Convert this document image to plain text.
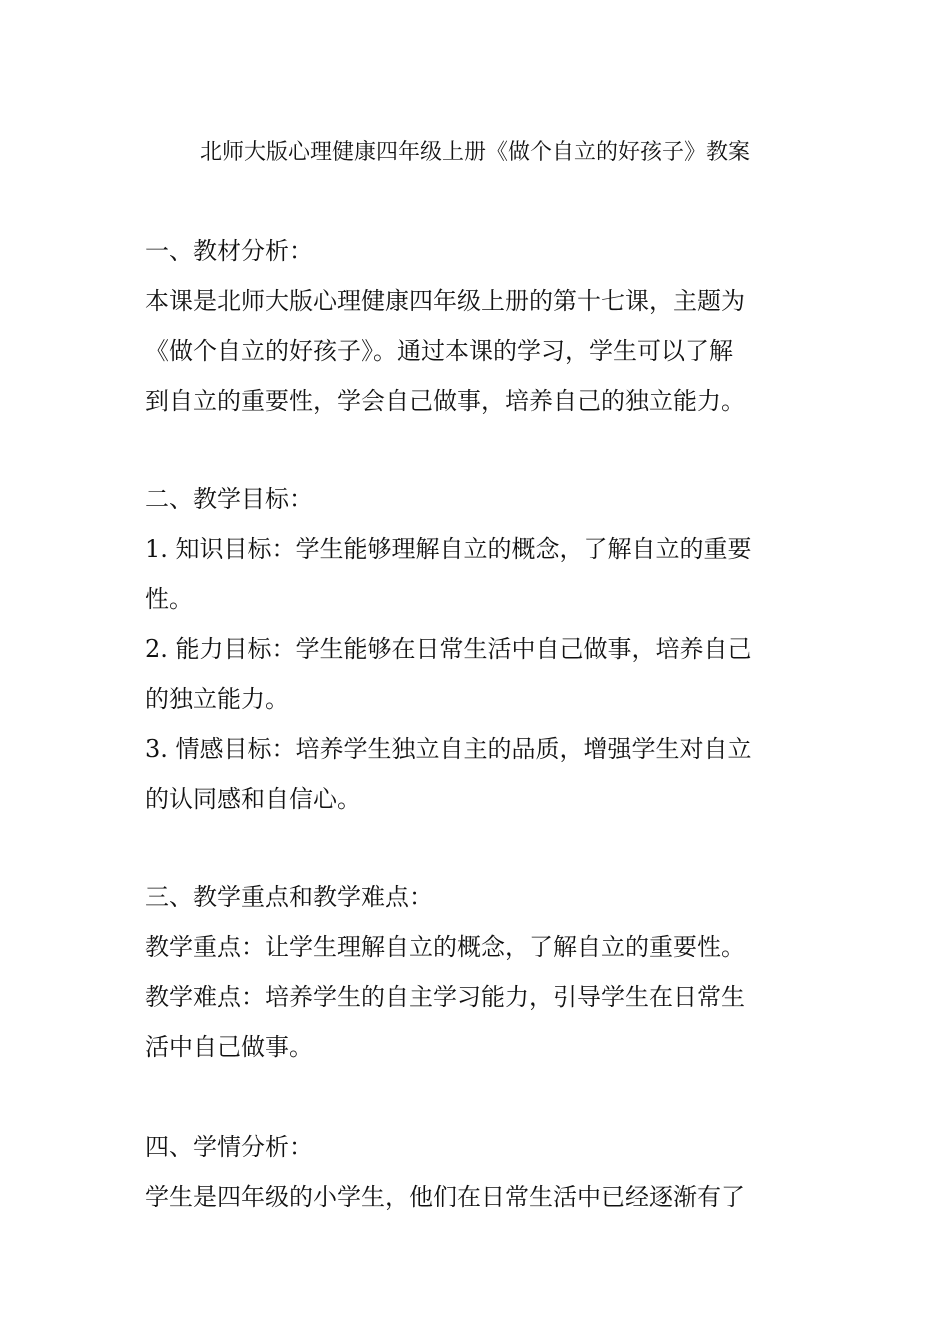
北师大版心理健康四年级上册《做个自立的好孩子》教案
一、教材分析：
本课是北师大版心理健康四年级上册的第十七课，主题为
《做个自立的好孩子》。通过本课的学习，学生可以了解
到自立的重要性，学会自己做事，培养自己的独立能力。
二、教学目标：
1. 知识目标：学生能够理解自立的概念，了解自立的重要
性。
2. 能力目标：学生能够在日常生活中自己做事，培养自己
的独立能力。
3. 情感目标：培养学生独立自主的品质，增强学生对自立
的认同感和自信心。
三、教学重点和教学难点：
教学重点：让学生理解自立的概念，了解自立的重要性。
教学难点：培养学生的自主学习能力，引导学生在日常生
活中自己做事。
四、学情分析：
学生是四年级的小学生，他们在日常生活中已经逐渐有了
